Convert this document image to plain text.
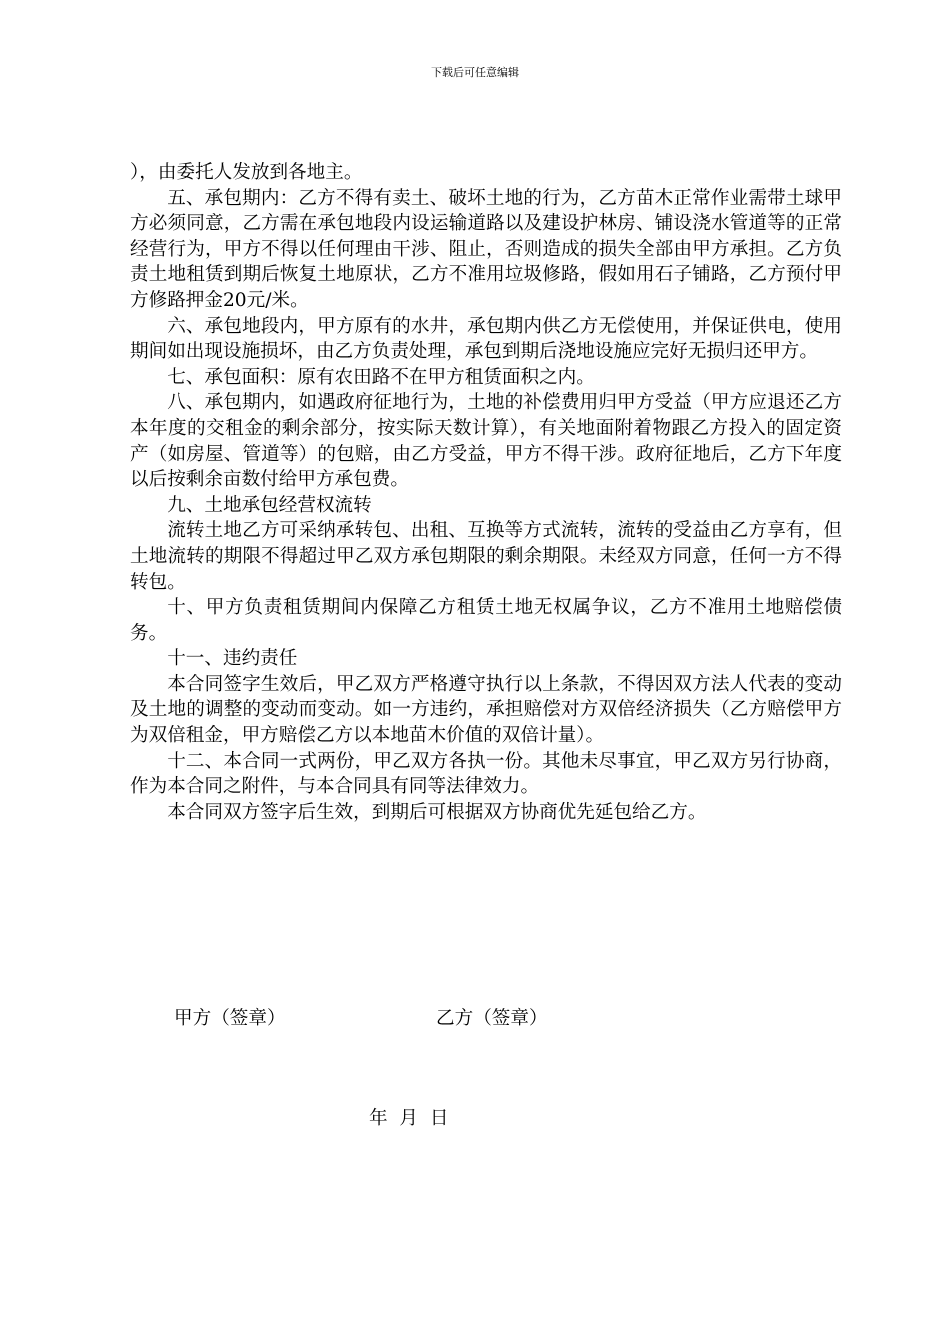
下载后可任意编辑

），由委托人发放到各地主。

五、承包期内：乙方不得有卖土、破坏土地的行为，乙方苗木正常作业需带土球甲方必须同意，乙方需在承包地段内设运输道路以及建设护林房、铺设浇水管道等的正常经营行为，甲方不得以任何理由干涉、阻止，否则造成的损失全部由甲方承担。乙方负责土地租赁到期后恢复土地原状，乙方不准用垃圾修路，假如用石子铺路，乙方预付甲方修路押金20元/米。

六、承包地段内，甲方原有的水井，承包期内供乙方无偿使用，并保证供电，使用期间如出现设施损坏，由乙方负责处理，承包到期后浇地设施应完好无损归还甲方。

七、承包面积：原有农田路不在甲方租赁面积之内。

八、承包期内，如遇政府征地行为，土地的补偿费用归甲方受益（甲方应退还乙方本年度的交租金的剩余部分，按实际天数计算），有关地面附着物跟乙方投入的固定资产（如房屋、管道等）的包赔，由乙方受益，甲方不得干涉。政府征地后，乙方下年度以后按剩余亩数付给甲方承包费。

九、土地承包经营权流转

流转土地乙方可采纳承转包、出租、互换等方式流转，流转的受益由乙方享有，但土地流转的期限不得超过甲乙双方承包期限的剩余期限。未经双方同意，任何一方不得转包。

十、甲方负责租赁期间内保障乙方租赁土地无权属争议，乙方不准用土地赔偿债务。

十一、违约责任

本合同签字生效后，甲乙双方严格遵守执行以上条款，不得因双方法人代表的变动及土地的调整的变动而变动。如一方违约，承担赔偿对方双倍经济损失（乙方赔偿甲方为双倍租金，甲方赔偿乙方以本地苗木价值的双倍计量）。

十二、本合同一式两份，甲乙双方各执一份。其他未尽事宜，甲乙双方另行协商，作为本合同之附件，与本合同具有同等法律效力。

本合同双方签字后生效，到期后可根据双方协商优先延包给乙方。

甲方（签章）	乙方（签章）
年  月  日
